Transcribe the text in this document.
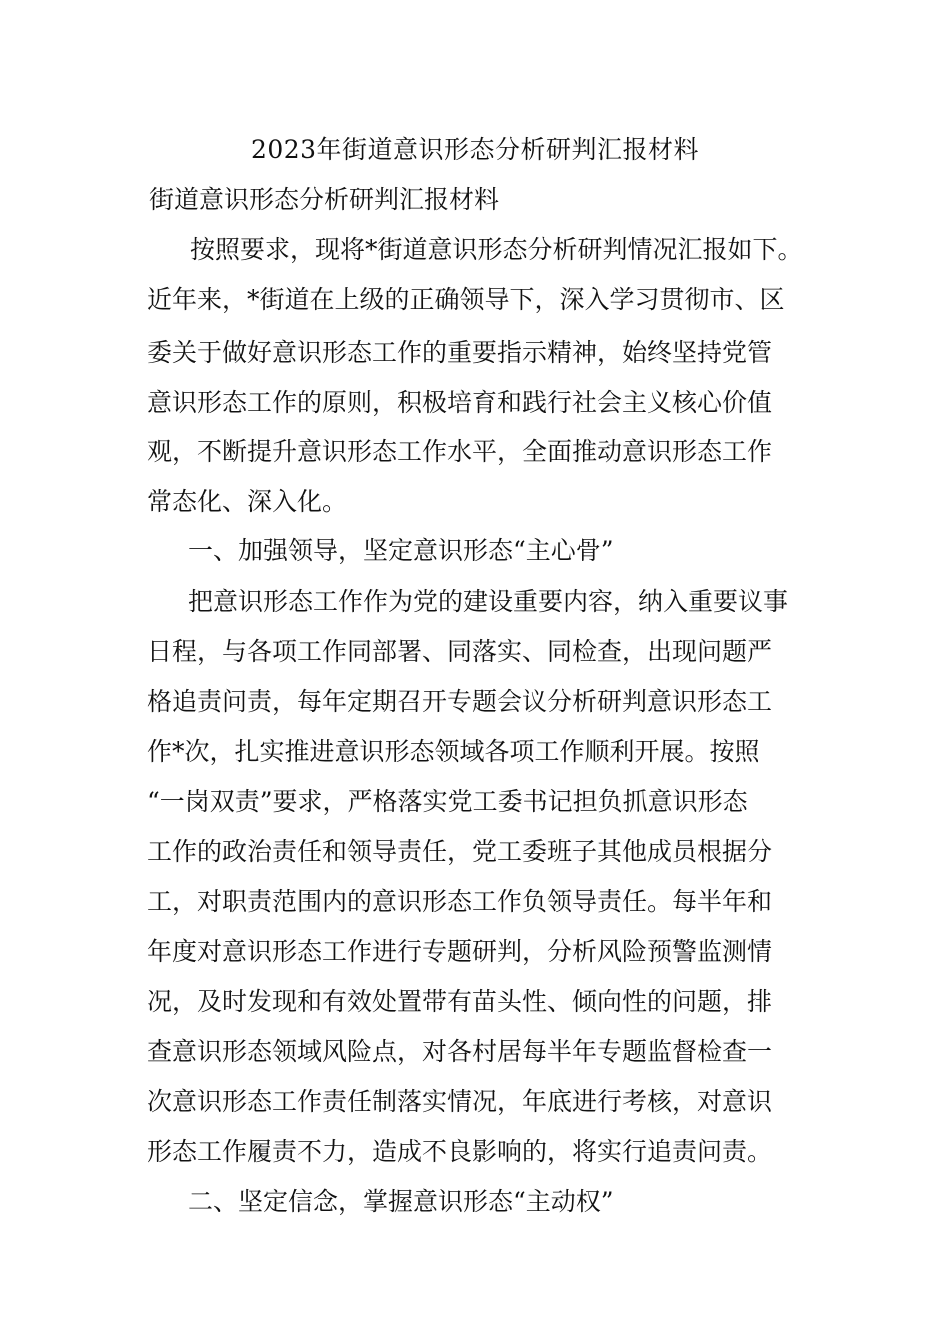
2023年街道意识形态分析研判汇报材料

街道意识形态分析研判汇报材料

按照要求，现将*街道意识形态分析研判情况汇报如下。

近年来，*街道在上级的正确领导下，深入学习贯彻市、区

委关于做好意识形态工作的重要指示精神，始终坚持党管

意识形态工作的原则，积极培育和践行社会主义核心价值

观，不断提升意识形态工作水平，全面推动意识形态工作

常态化、深入化。

一、加强领导，坚定意识形态“主心骨”

把意识形态工作作为党的建设重要内容，纳入重要议事

日程，与各项工作同部署、同落实、同检查，出现问题严

格追责问责，每年定期召开专题会议分析研判意识形态工

作*次，扎实推进意识形态领域各项工作顺利开展。按照

“一岗双责”要求，严格落实党工委书记担负抓意识形态

工作的政治责任和领导责任，党工委班子其他成员根据分

工，对职责范围内的意识形态工作负领导责任。每半年和

年度对意识形态工作进行专题研判，分析风险预警监测情

况，及时发现和有效处置带有苗头性、倾向性的问题，排

查意识形态领域风险点，对各村居每半年专题监督检查一

次意识形态工作责任制落实情况，年底进行考核，对意识

形态工作履责不力，造成不良影响的，将实行追责问责。

二、坚定信念，掌握意识形态“主动权”
